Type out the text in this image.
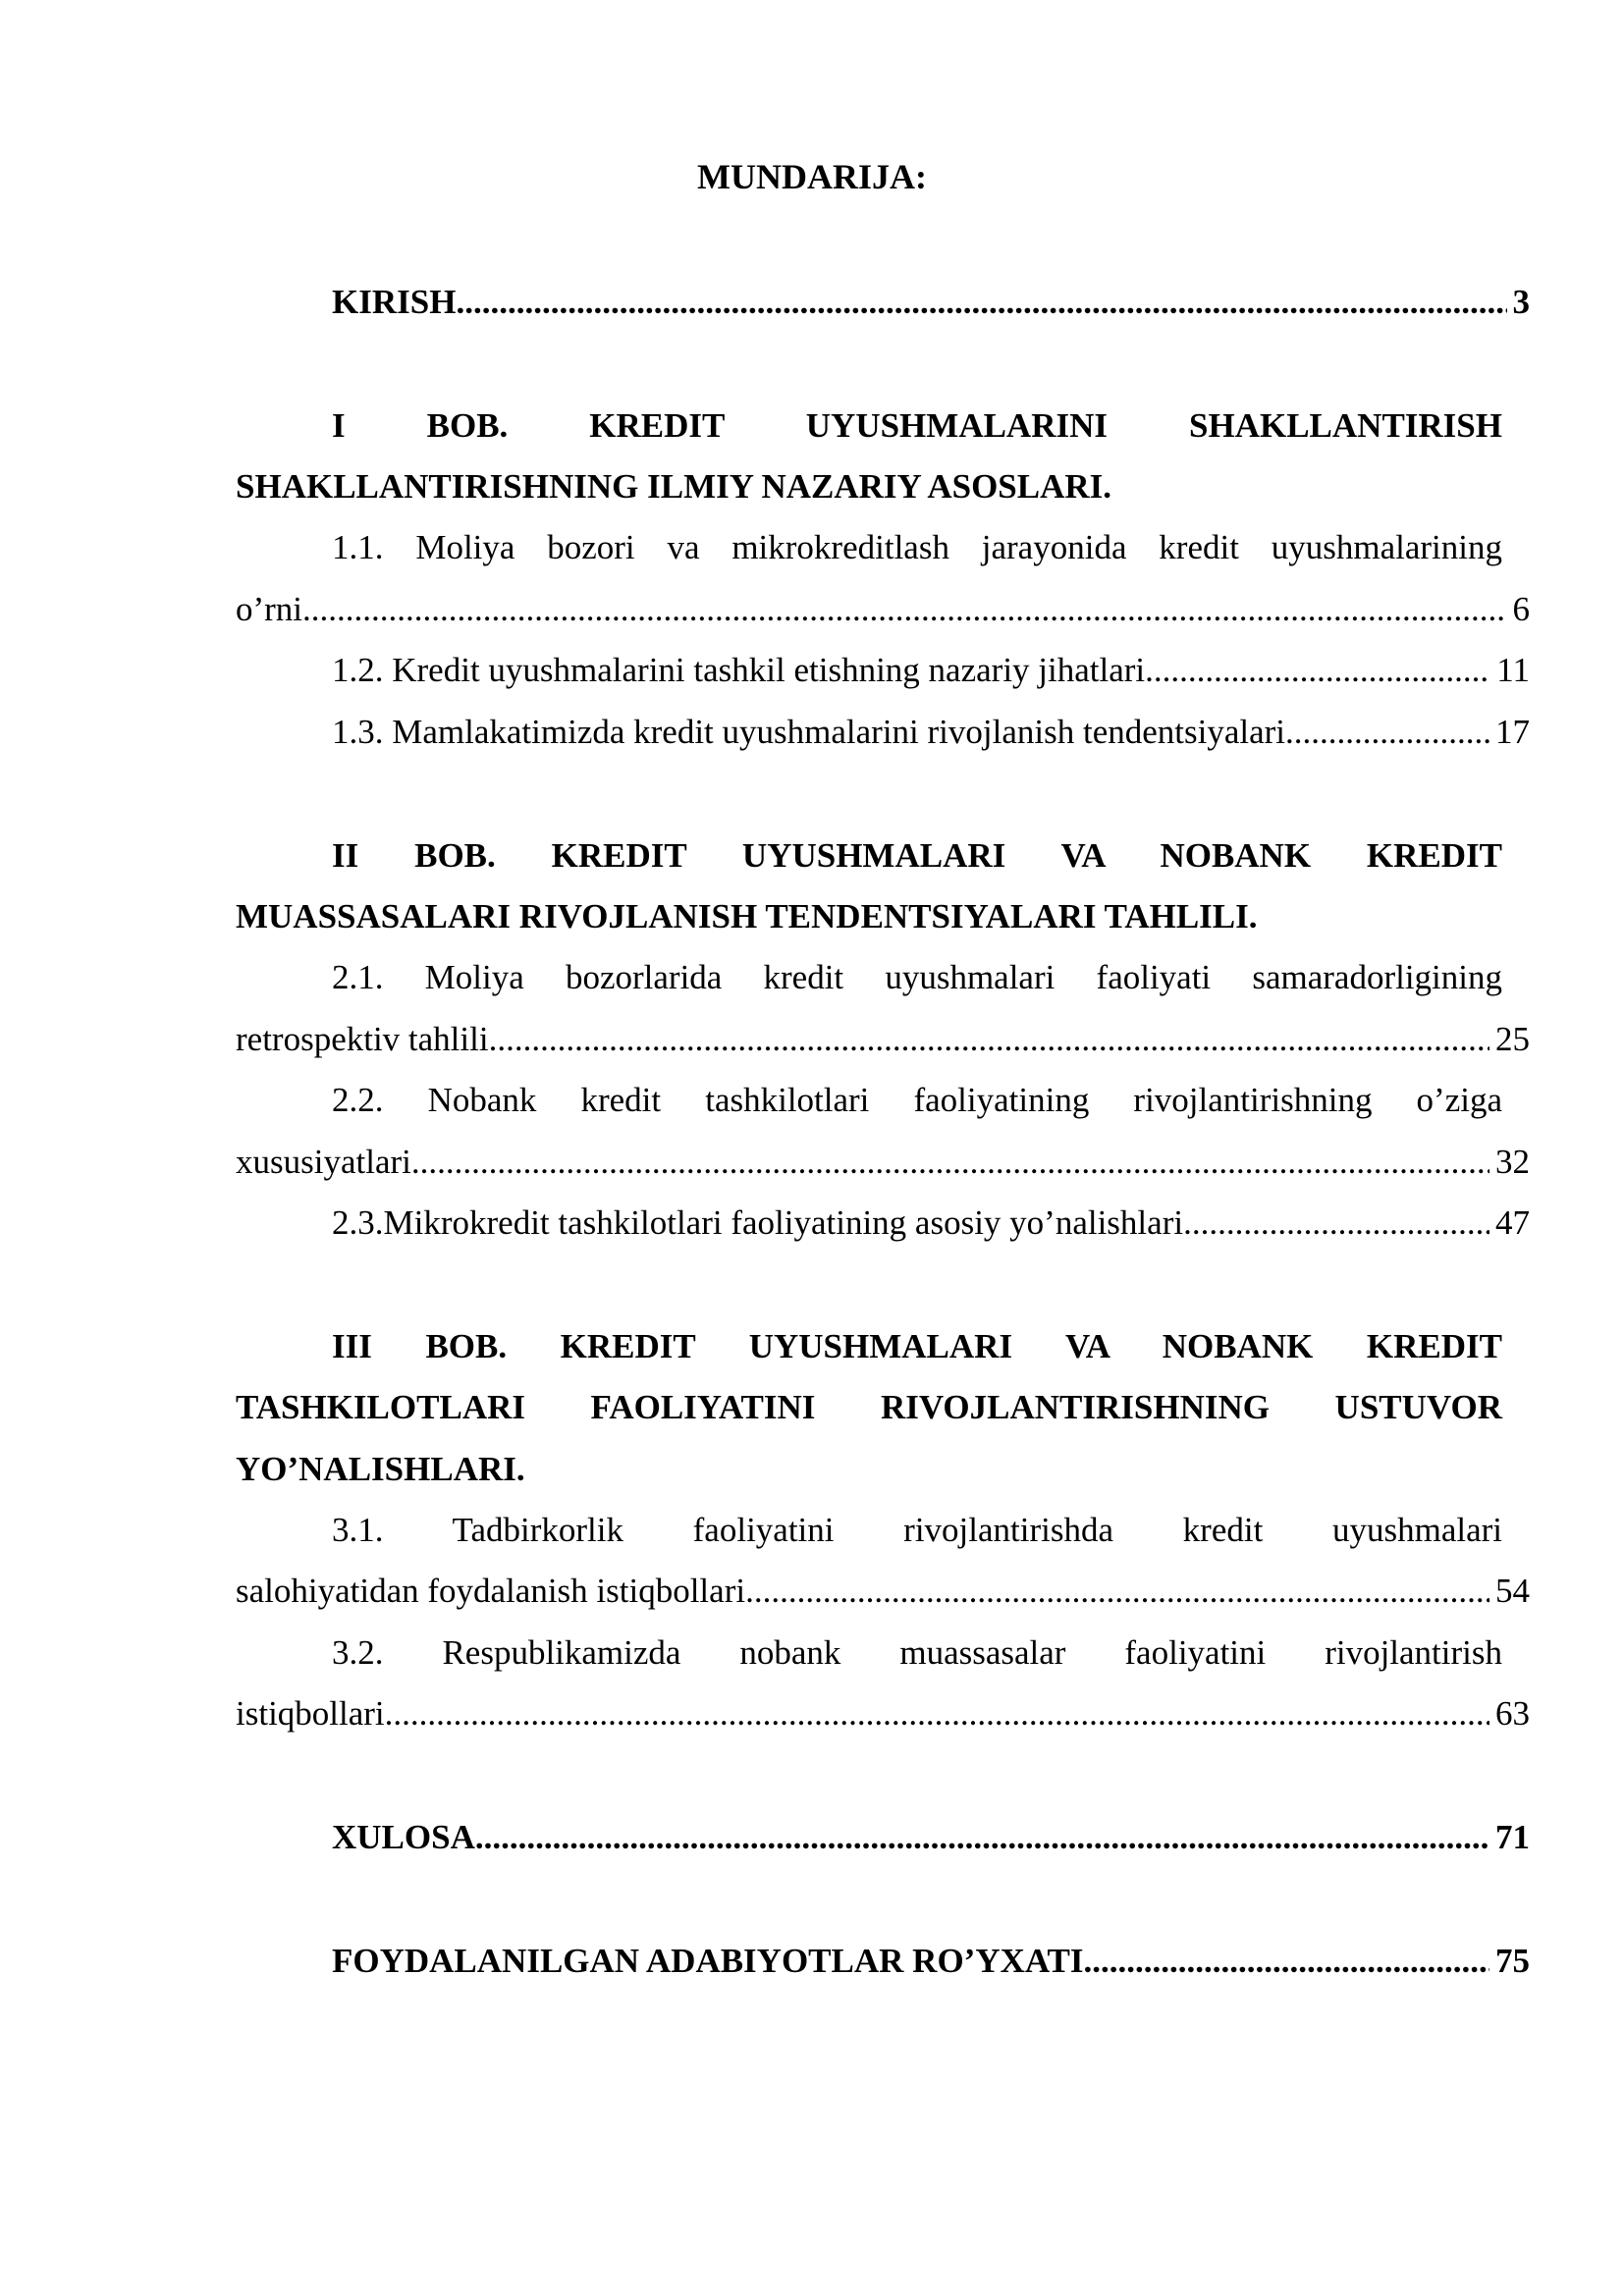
MUNDARIJA:
KIRISH .....	3
I BOB. KREDIT UYUSHMALARINI SHAKLLANTIRISH
SHAKLLANTIRISHNING ILMIY NAZARIY ASOSLARI.
1.1. Moliya bozori va mikrokreditlash jarayonida kredit uyushmalarining
o’rni .....	6
1.2. Kredit uyushmalarini tashkil etishning nazariy jihatlari .....	11
1.3. Mamlakatimizda kredit uyushmalarini rivojlanish tendentsiyalari .....	17
II BOB. KREDIT UYUSHMALARI VA NOBANK KREDIT
MUASSASALARI RIVOJLANISH TENDENTSIYALARI TAHLILI.
2.1. Moliya bozorlarida kredit uyushmalari faoliyati samaradorligining
retrospektiv tahlili .....	25
2.2. Nobank kredit tashkilotlari faoliyatining rivojlantirishning o’ziga
xususiyatlari .....	32
2.3.Mikrokredit tashkilotlari faoliyatining asosiy yo’nalishlari .....	47
III BOB. KREDIT UYUSHMALARI VA NOBANK KREDIT
TASHKILOTLARI FAOLIYATINI RIVOJLANTIRISHNING USTUVOR
YO’NALISHLARI.
3.1. Tadbirkorlik faoliyatini rivojlantirishda kredit uyushmalari
salohiyatidan foydalanish istiqbollari .....	54
3.2. Respublikamizda nobank muassasalar faoliyatini rivojlantirish
istiqbollari .....	63
XULOSA .....	71
FOYDALANILGAN ADABIYOTLAR RO’YXATI .....	75
